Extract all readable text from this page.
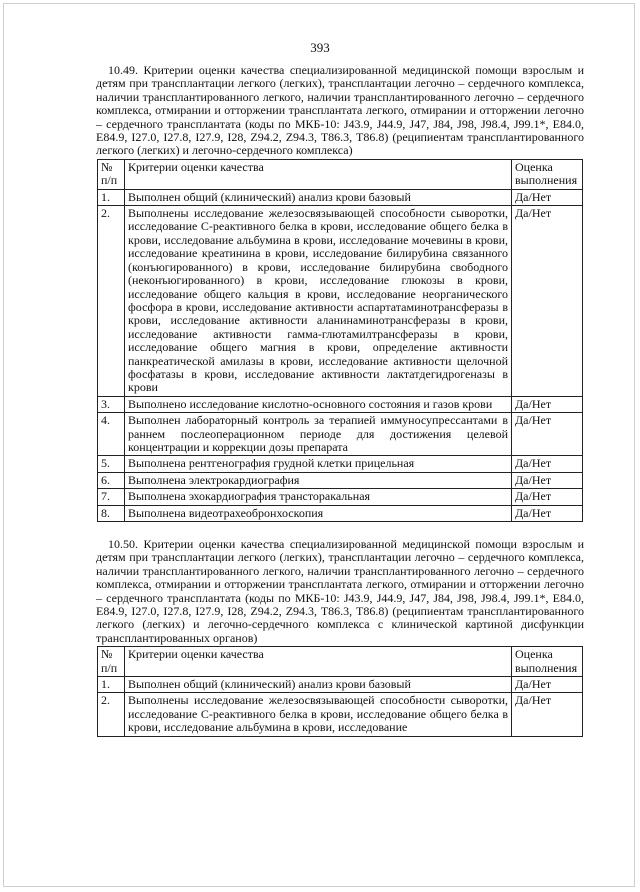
393

10.49. Критерии оценки качества специализированной медицинской помощи взрослым и детям при трансплантации легкого (легких), трансплантации легочно – сердечного комплекса, наличии трансплантированного легкого, наличии трансплантированного легочно – сердечного комплекса, отмирании и отторжении трансплантата легкого, отмирании и отторжении легочно – сердечного трансплантата (коды по МКБ-10: J43.9, J44.9, J47, J84, J98, J98.4, J99.1*, E84.0, E84.9, I27.0, I27.8, I27.9, I28, Z94.2, Z94.3, T86.3, T86.8) (реципиентам трансплантированного легкого (легких) и легочно-сердечного комплекса)

№ п/п	Критерии оценки качества	Оценка выполнения
1.	Выполнен общий (клинический) анализ крови базовый	Да/Нет
2.	Выполнены исследование железосвязывающей способности сыворотки, исследование С-реактивного белка в крови, исследование общего белка в крови, исследование альбумина в крови, исследование мочевины в крови, исследование креатинина в крови, исследование билирубина связанного (конъюгированного) в крови, исследование билирубина свободного (неконъюгированного) в крови, исследование глюкозы в крови, исследование общего кальция в крови, исследование неорганического фосфора в крови, исследование активности аспартатаминотрансферазы в крови, исследование активности аланинаминотрансферазы в крови, исследование активности гамма-глютамилтрансферазы в крови, исследование общего магния в крови, определение активности панкреатической амилазы в крови, исследование активности щелочной фосфатазы в крови, исследование активности лактатдегидрогеназы в крови	Да/Нет
3.	Выполнено исследование кислотно-основного состояния и газов крови	Да/Нет
4.	Выполнен лабораторный контроль за терапией иммуносупрессантами в раннем послеоперационном периоде для достижения целевой концентрации и коррекции дозы препарата	Да/Нет
5.	Выполнена рентгенография грудной клетки прицельная	Да/Нет
6.	Выполнена электрокардиография	Да/Нет
7.	Выполнена эхокардиография трансторакальная	Да/Нет
8.	Выполнена видеотрахеобронхоскопия	Да/Нет

10.50. Критерии оценки качества специализированной медицинской помощи взрослым и детям при трансплантации легкого (легких), трансплантации легочно – сердечного комплекса, наличии трансплантированного легкого, наличии трансплантированного легочно – сердечного комплекса, отмирании и отторжении трансплантата легкого, отмирании и отторжении легочно – сердечного трансплантата (коды по МКБ-10: J43.9, J44.9, J47, J84, J98, J98.4, J99.1*, E84.0, E84.9, I27.0, I27.8, I27.9, I28, Z94.2, Z94.3, T86.3, T86.8) (реципиентам трансплантированного легкого (легких) и легочно-сердечного комплекса с клинической картиной дисфункции трансплантированных органов)

№ п/п	Критерии оценки качества	Оценка выполнения
1.	Выполнен общий (клинический) анализ крови базовый	Да/Нет
2.	Выполнены исследование железосвязывающей способности сыворотки, исследование С-реактивного белка в крови, исследование общего белка в крови, исследование альбумина в крови, исследование	Да/Нет
